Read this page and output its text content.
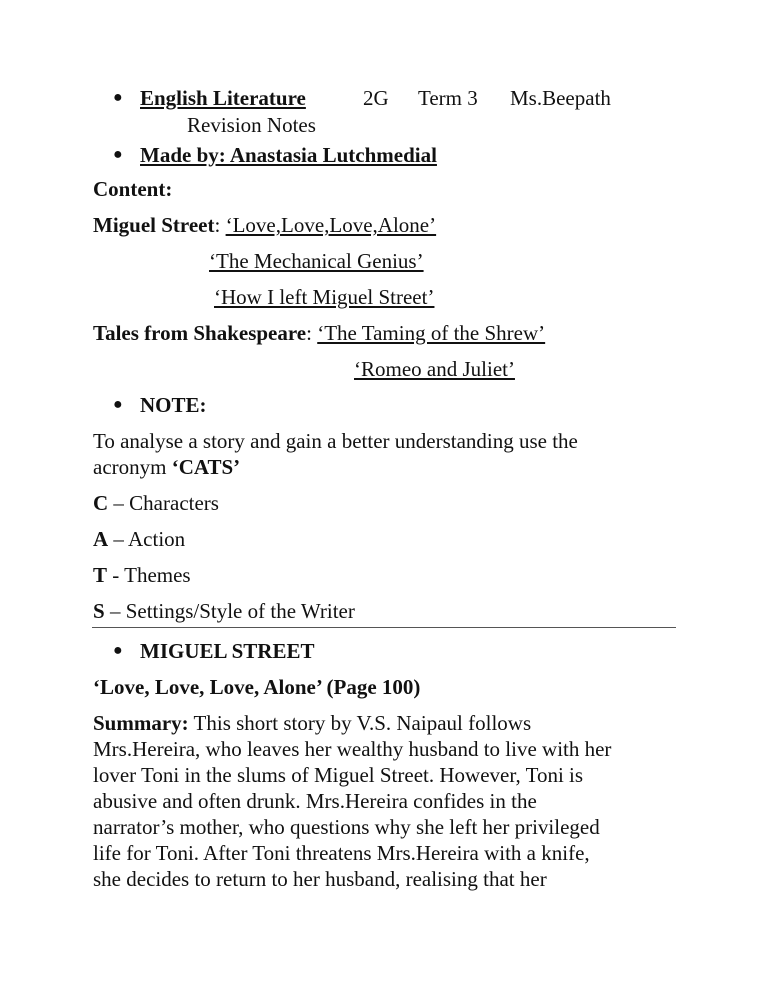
● English Literature	2G Term 3 Ms.Beepath
Revision Notes
● Made by: Anastasia Lutchmedial
Content:
Miguel Street: ‘Love,Love,Love,Alone’
‘The Mechanical Genius’
‘How I left Miguel Street’
Tales from Shakespeare: ‘The Taming of the Shrew’
‘Romeo and Juliet’
● NOTE:
To analyse a story and gain a better understanding use the
acronym ‘CATS’
C – Characters
A – Action
T - Themes
S – Settings/Style of the Writer
● MIGUEL STREET
‘Love, Love, Love, Alone’ (Page 100)
Summary: This short story by V.S. Naipaul follows
Mrs.Hereira, who leaves her wealthy husband to live with her
lover Toni in the slums of Miguel Street. However, Toni is
abusive and often drunk. Mrs.Hereira confides in the
narrator’s mother, who questions why she left her privileged
life for Toni. After Toni threatens Mrs.Hereira with a knife,
she decides to return to her husband, realising that her
